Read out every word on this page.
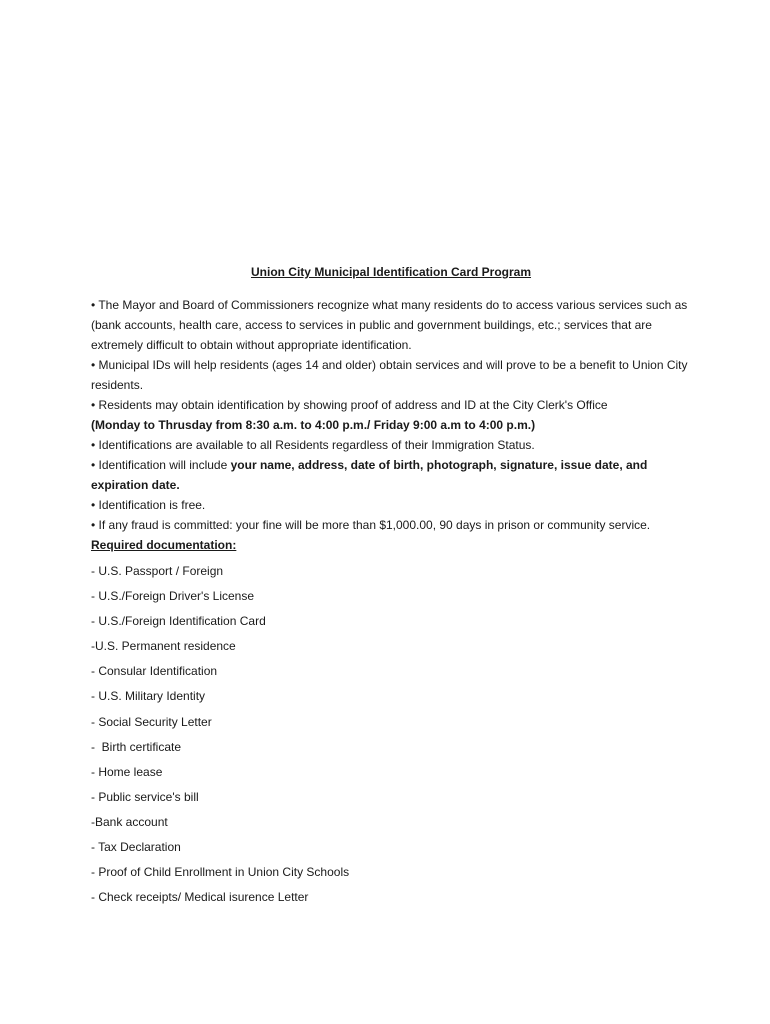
Union City Municipal Identification Card Program

• The Mayor and Board of Commissioners recognize what many residents do to access various services such as (bank accounts, health care, access to services in public and government buildings, etc.; services that are extremely difficult to obtain without appropriate identification.

• Municipal IDs will help residents (ages 14 and older) obtain services and will prove to be a benefit to Union City residents.

• Residents may obtain identification by showing proof of address and ID at the City Clerk's Office
(Monday to Thrusday from 8:30 a.m. to 4:00 p.m./ Friday 9:00 a.m to 4:00 p.m.)

• Identifications are available to all Residents regardless of their Immigration Status.

• Identification will include your name, address, date of birth, photograph, signature, issue date, and expiration date.

• Identification is free.

• If any fraud is committed: your fine will be more than $1,000.00, 90 days in prison or community service.

Required documentation:
- U.S. Passport / Foreign
- U.S./Foreign Driver's License
- U.S./Foreign Identification Card
-U.S. Permanent residence
- Consular Identification
- U.S. Military Identity
- Social Security Letter
-  Birth certificate
- Home lease
- Public service's bill
-Bank account
- Tax Declaration
- Proof of Child Enrollment in Union City Schools
- Check receipts/ Medical isurence Letter
